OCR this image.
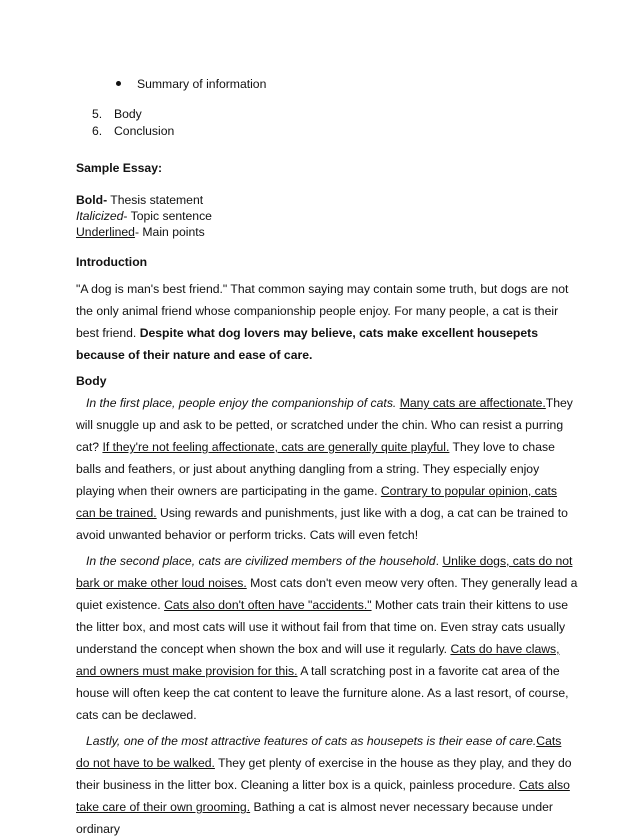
Summary of information
5. Body
6. Conclusion
Sample Essay:
Bold- Thesis statement
Italicized- Topic sentence
Underlined- Main points
Introduction
"A dog is man's best friend." That common saying may contain some truth, but dogs are not the only animal friend whose companionship people enjoy. For many people, a cat is their best friend. Despite what dog lovers may believe, cats make excellent housepets because of their nature and ease of care.
Body
In the first place, people enjoy the companionship of cats. Many cats are affectionate.They will snuggle up and ask to be petted, or scratched under the chin. Who can resist a purring cat? If they're not feeling affectionate, cats are generally quite playful. They love to chase balls and feathers, or just about anything dangling from a string. They especially enjoy playing when their owners are participating in the game. Contrary to popular opinion, cats can be trained. Using rewards and punishments, just like with a dog, a cat can be trained to avoid unwanted behavior or perform tricks. Cats will even fetch!
In the second place, cats are civilized members of the household. Unlike dogs, cats do not bark or make other loud noises. Most cats don't even meow very often. They generally lead a quiet existence. Cats also don't often have "accidents." Mother cats train their kittens to use the litter box, and most cats will use it without fail from that time on. Even stray cats usually understand the concept when shown the box and will use it regularly. Cats do have claws, and owners must make provision for this. A tall scratching post in a favorite cat area of the house will often keep the cat content to leave the furniture alone. As a last resort, of course, cats can be declawed.
Lastly, one of the most attractive features of cats as housepets is their ease of care.Cats do not have to be walked. They get plenty of exercise in the house as they play, and they do their business in the litter box. Cleaning a litter box is a quick, painless procedure. Cats also take care of their own grooming. Bathing a cat is almost never necessary because under ordinary
